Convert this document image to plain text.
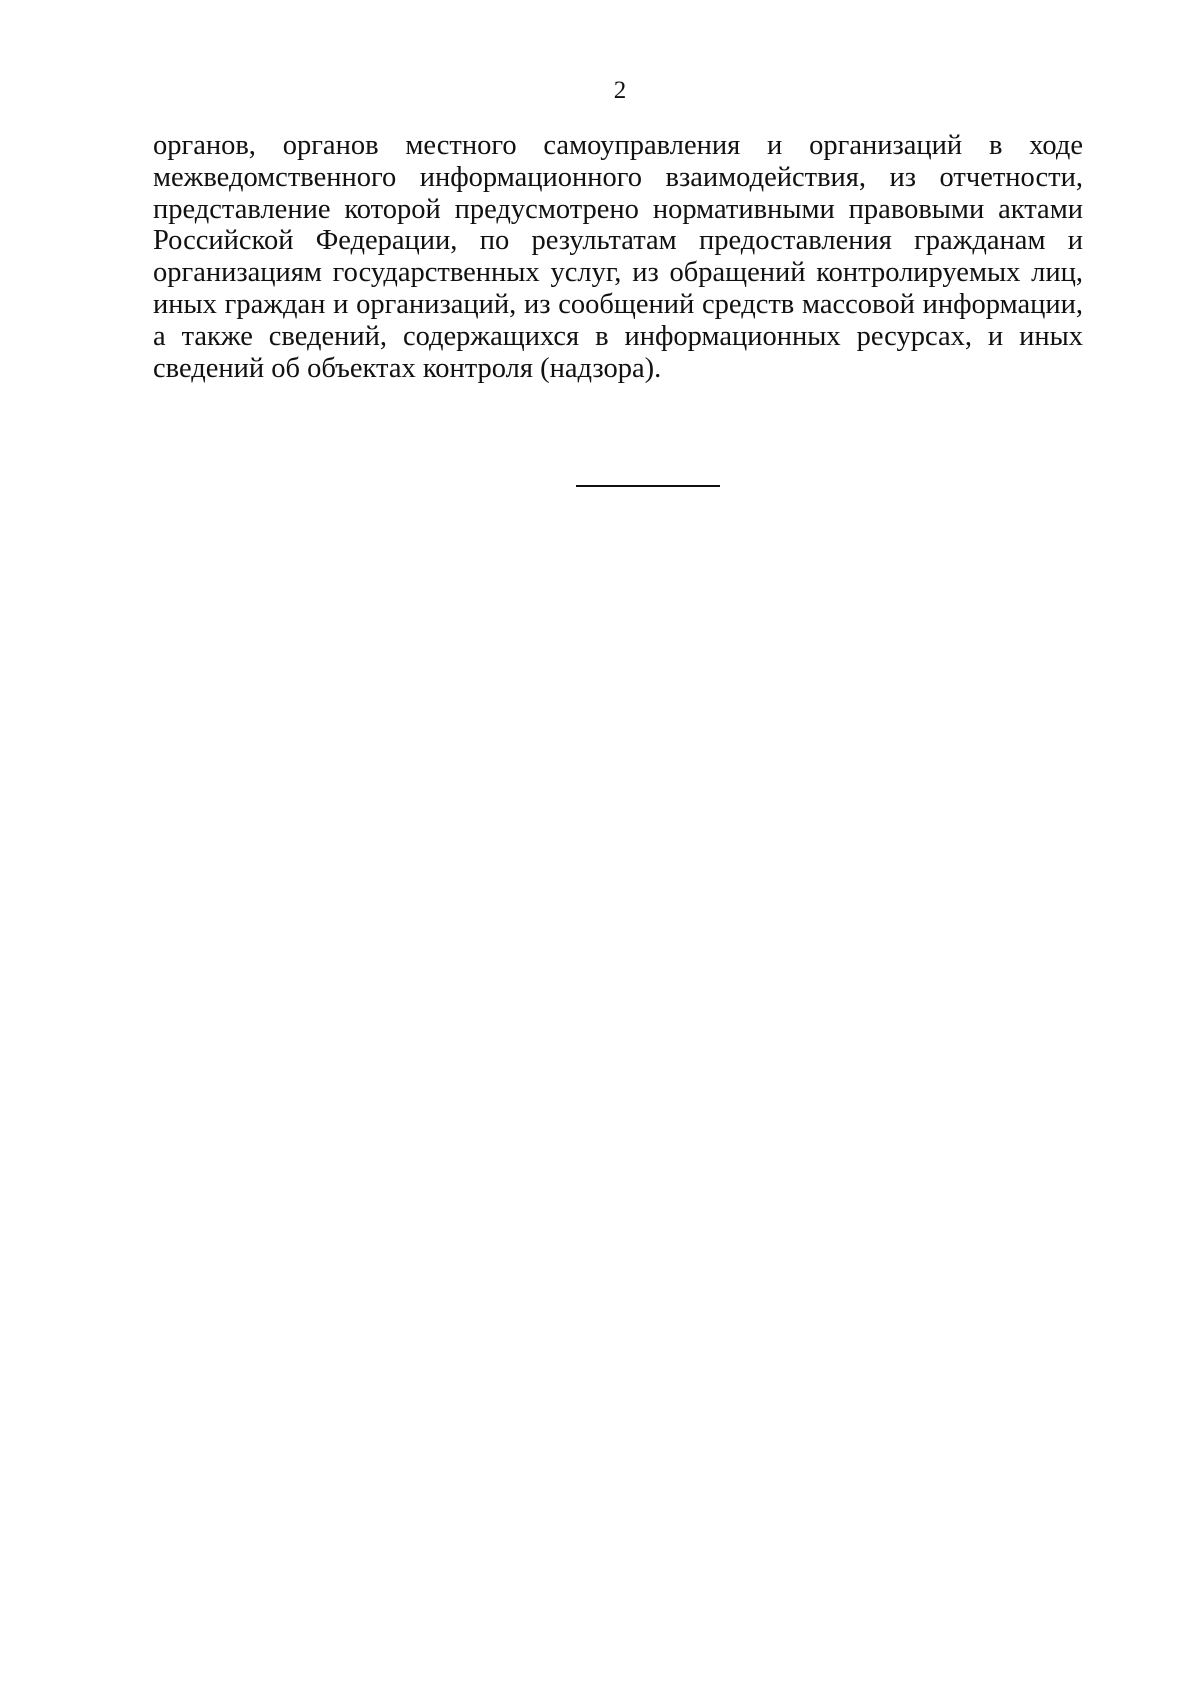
2
органов, органов местного самоуправления и организаций в ходе
межведомственного информационного взаимодействия, из отчетности,
представление которой предусмотрено нормативными правовыми актами
Российской Федерации, по результатам предоставления гражданам и
организациям государственных услуг, из обращений контролируемых лиц,
иных граждан и организаций, из сообщений средств массовой информации,
а также сведений, содержащихся в информационных ресурсах, и иных
сведений об объектах контроля (надзора).
